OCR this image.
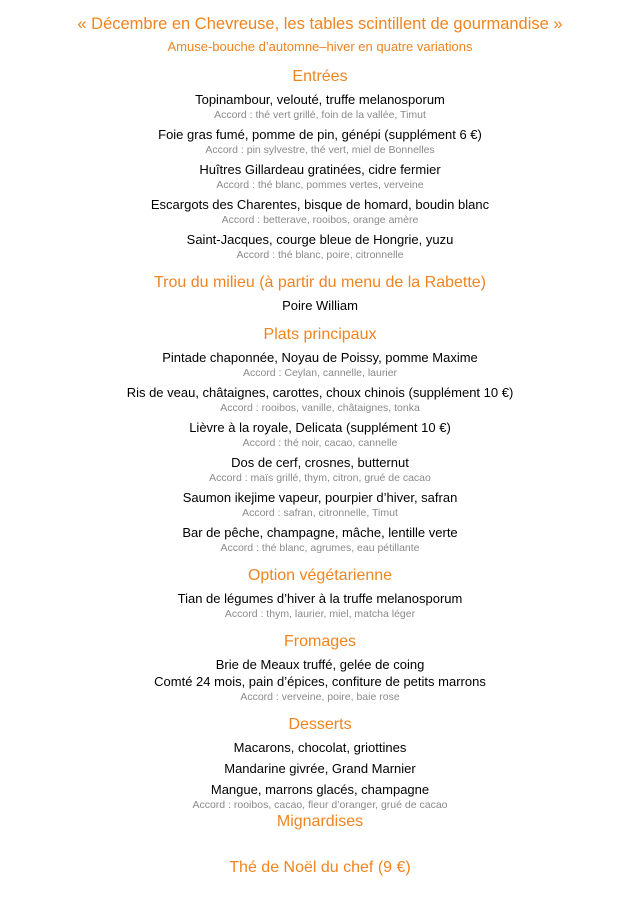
« Décembre en Chevreuse, les tables scintillent de gourmandise »
Amuse-bouche d’automne–hiver en quatre variations
Entrées
Topinambour, velouté, truffe melanosporum
Accord : thé vert grillé, foin de la vallée, Timut
Foie gras fumé, pomme de pin, génépi (supplément 6 €)
Accord : pin sylvestre, thé vert, miel de Bonnelles
Huîtres Gillardeau gratinées, cidre fermier
Accord : thé blanc, pommes vertes, verveine
Escargots des Charentes, bisque de homard, boudin blanc
Accord : betterave, rooibos, orange amère
Saint-Jacques, courge bleue de Hongrie, yuzu
Accord : thé blanc, poire, citronnelle
Trou du milieu (à partir du menu de la Rabette)
Poire William
Plats principaux
Pintade chaponnée, Noyau de Poissy, pomme Maxime
Accord : Ceylan, cannelle, laurier
Ris de veau, châtaignes, carottes, choux chinois (supplément 10 €)
Accord : rooibos, vanille, châtaignes, tonka
Lièvre à la royale, Delicata (supplément 10 €)
Accord : thé noir, cacao, cannelle
Dos de cerf, crosnes, butternut
Accord : maïs grillé, thym, citron, grué de cacao
Saumon ikejime vapeur, pourpier d’hiver, safran
Accord : safran, citronnelle, Timut
Bar de pêche, champagne, mâche, lentille verte
Accord : thé blanc, agrumes, eau pétillante
Option végétarienne
Tian de légumes d’hiver à la truffe melanosporum
Accord : thym, laurier, miel, matcha léger
Fromages
Brie de Meaux truffé, gelée de coing
Comté 24 mois, pain d’épices, confiture de petits marrons
Accord : verveine, poire, baie rose
Desserts
Macarons, chocolat, griottines
Mandarine givrée, Grand Marnier
Mangue, marrons glacés, champagne
Accord : rooibos, cacao, fleur d’oranger, grué de cacao
Mignardises
Thé de Noël du chef (9 €)
